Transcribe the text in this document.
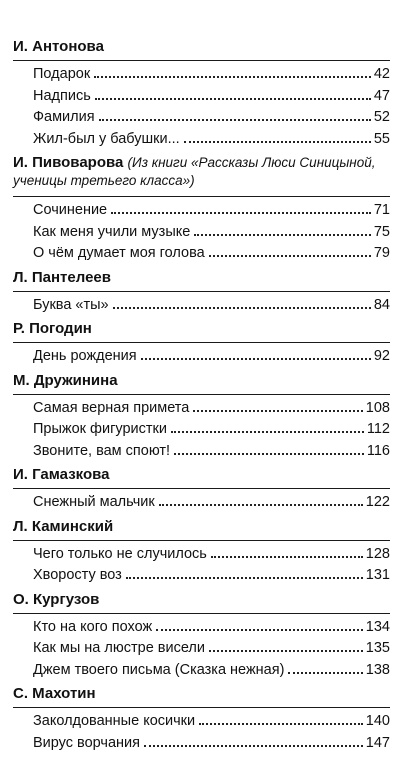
И. Антонова
Подарок	42
Надпись	47
Фамилия	52
Жил-был у бабушки...	55
И. Пивоварова (Из книги «Рассказы Люси Синицыной, ученицы третьего класса»)
Сочинение	71
Как меня учили музыке	75
О чём думает моя голова	79
Л. Пантелеев
Буква «ты»	84
Р. Погодин
День рождения	92
М. Дружинина
Самая верная примета	108
Прыжок фигуристки	112
Звоните, вам споют!	116
И. Гамазкова
Снежный мальчик	122
Л. Каминский
Чего только не случилось	128
Хворосту воз	131
О. Кургузов
Кто на кого похож	134
Как мы на люстре висели	135
Джем твоего письма (Сказка нежная)	138
С. Махотин
Заколдованные косички	140
Вирус ворчания	147
